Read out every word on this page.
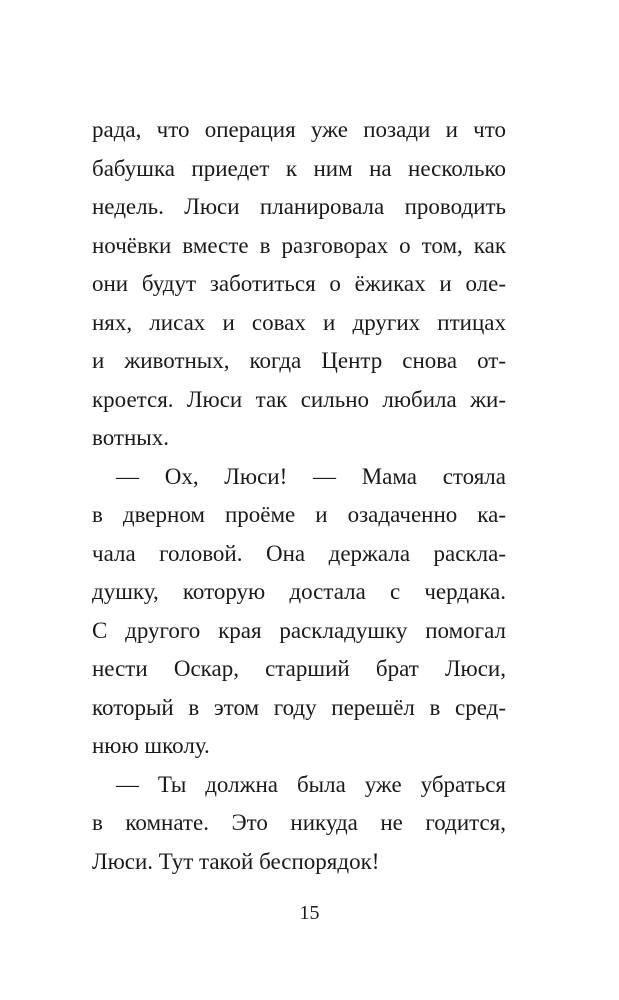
рада, что операция уже позади и что
бабушка приедет к ним на несколько
недель. Люси планировала проводить
ночёвки вместе в разговорах о том, как
они будут заботиться о ёжиках и оле-
нях, лисах и совах и других птицах
и животных, когда Центр снова от-
кроется. Люси так сильно любила жи-
вотных.
— Ох, Люси! — Мама стояла
в дверном проёме и озадаченно ка-
чала головой. Она держала раскла-
душку, которую достала с чердака.
С другого края раскладушку помогал
нести Оскар, старший брат Люси,
который в этом году перешёл в сред-
нюю школу.
— Ты должна была уже убраться
в комнате. Это никуда не годится,
Люси. Тут такой беспорядок!
15
